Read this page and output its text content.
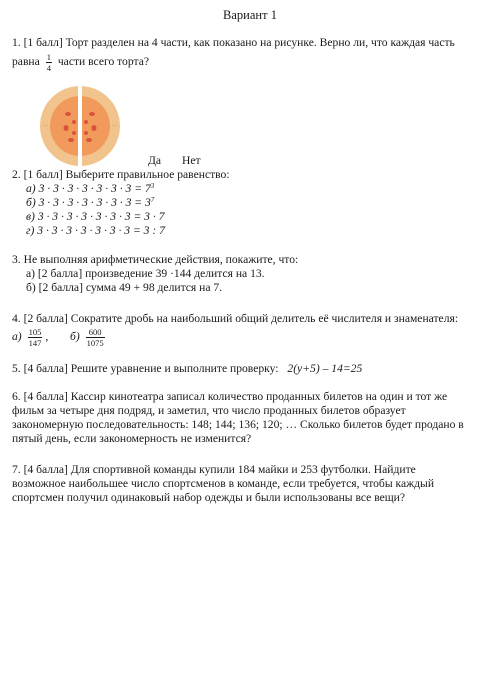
Вариант 1
1. [1 балл] Торт разделен на 4 части, как показано на рисунке. Верно ли, что каждая часть
равна $\frac{1}{4}$ части всего торта?
Да Нет
2. [1 балл] Выберите правильное равенство:
а) $3 \cdot 3 \cdot 3 \cdot 3 \cdot 3 \cdot 3 \cdot 3 = 7^3$
б) $3 \cdot 3 \cdot 3 \cdot 3 \cdot 3 \cdot 3 \cdot 3 = 3^7$
в) 3 · 3 · 3 · 3 · 3 · 3 · 3 = 3 · 7
г) 3 · 3 · 3 · 3 · 3 · 3 · 3 = 3 : 7
3. Не выполняя арифметические действия, покажите, что:
а) [2 балла] произведение 39 ·144 делится на 13.
б) [2 балла] сумма 49 + 98 делится на 7.
4. [2 балла] Сократите дробь на наибольший общий делитель её числителя и знаменателя:
$а) \frac{105}{147}$ , $б) \frac{600}{1075}$
5. [4 балла] Решите уравнение и выполните проверку: 2(у+5) – 14=25
6. [4 балла] Кассир кинотеатра записал количество проданных билетов на один и тот же
фильм за четыре дня подряд, и заметил, что число проданных билетов образует
закономерную последовательность: 148; 144; 136; 120; … Сколько билетов будет продано в
пятый день, если закономерность не изменится?
7. [4 балла] Для спортивной команды купили 184 майки и 253 футболки. Найдите
возможное наибольшее число спортсменов в команде, если требуется, чтобы каждый
спортсмен получил одинаковый набор одежды и были использованы все вещи?
